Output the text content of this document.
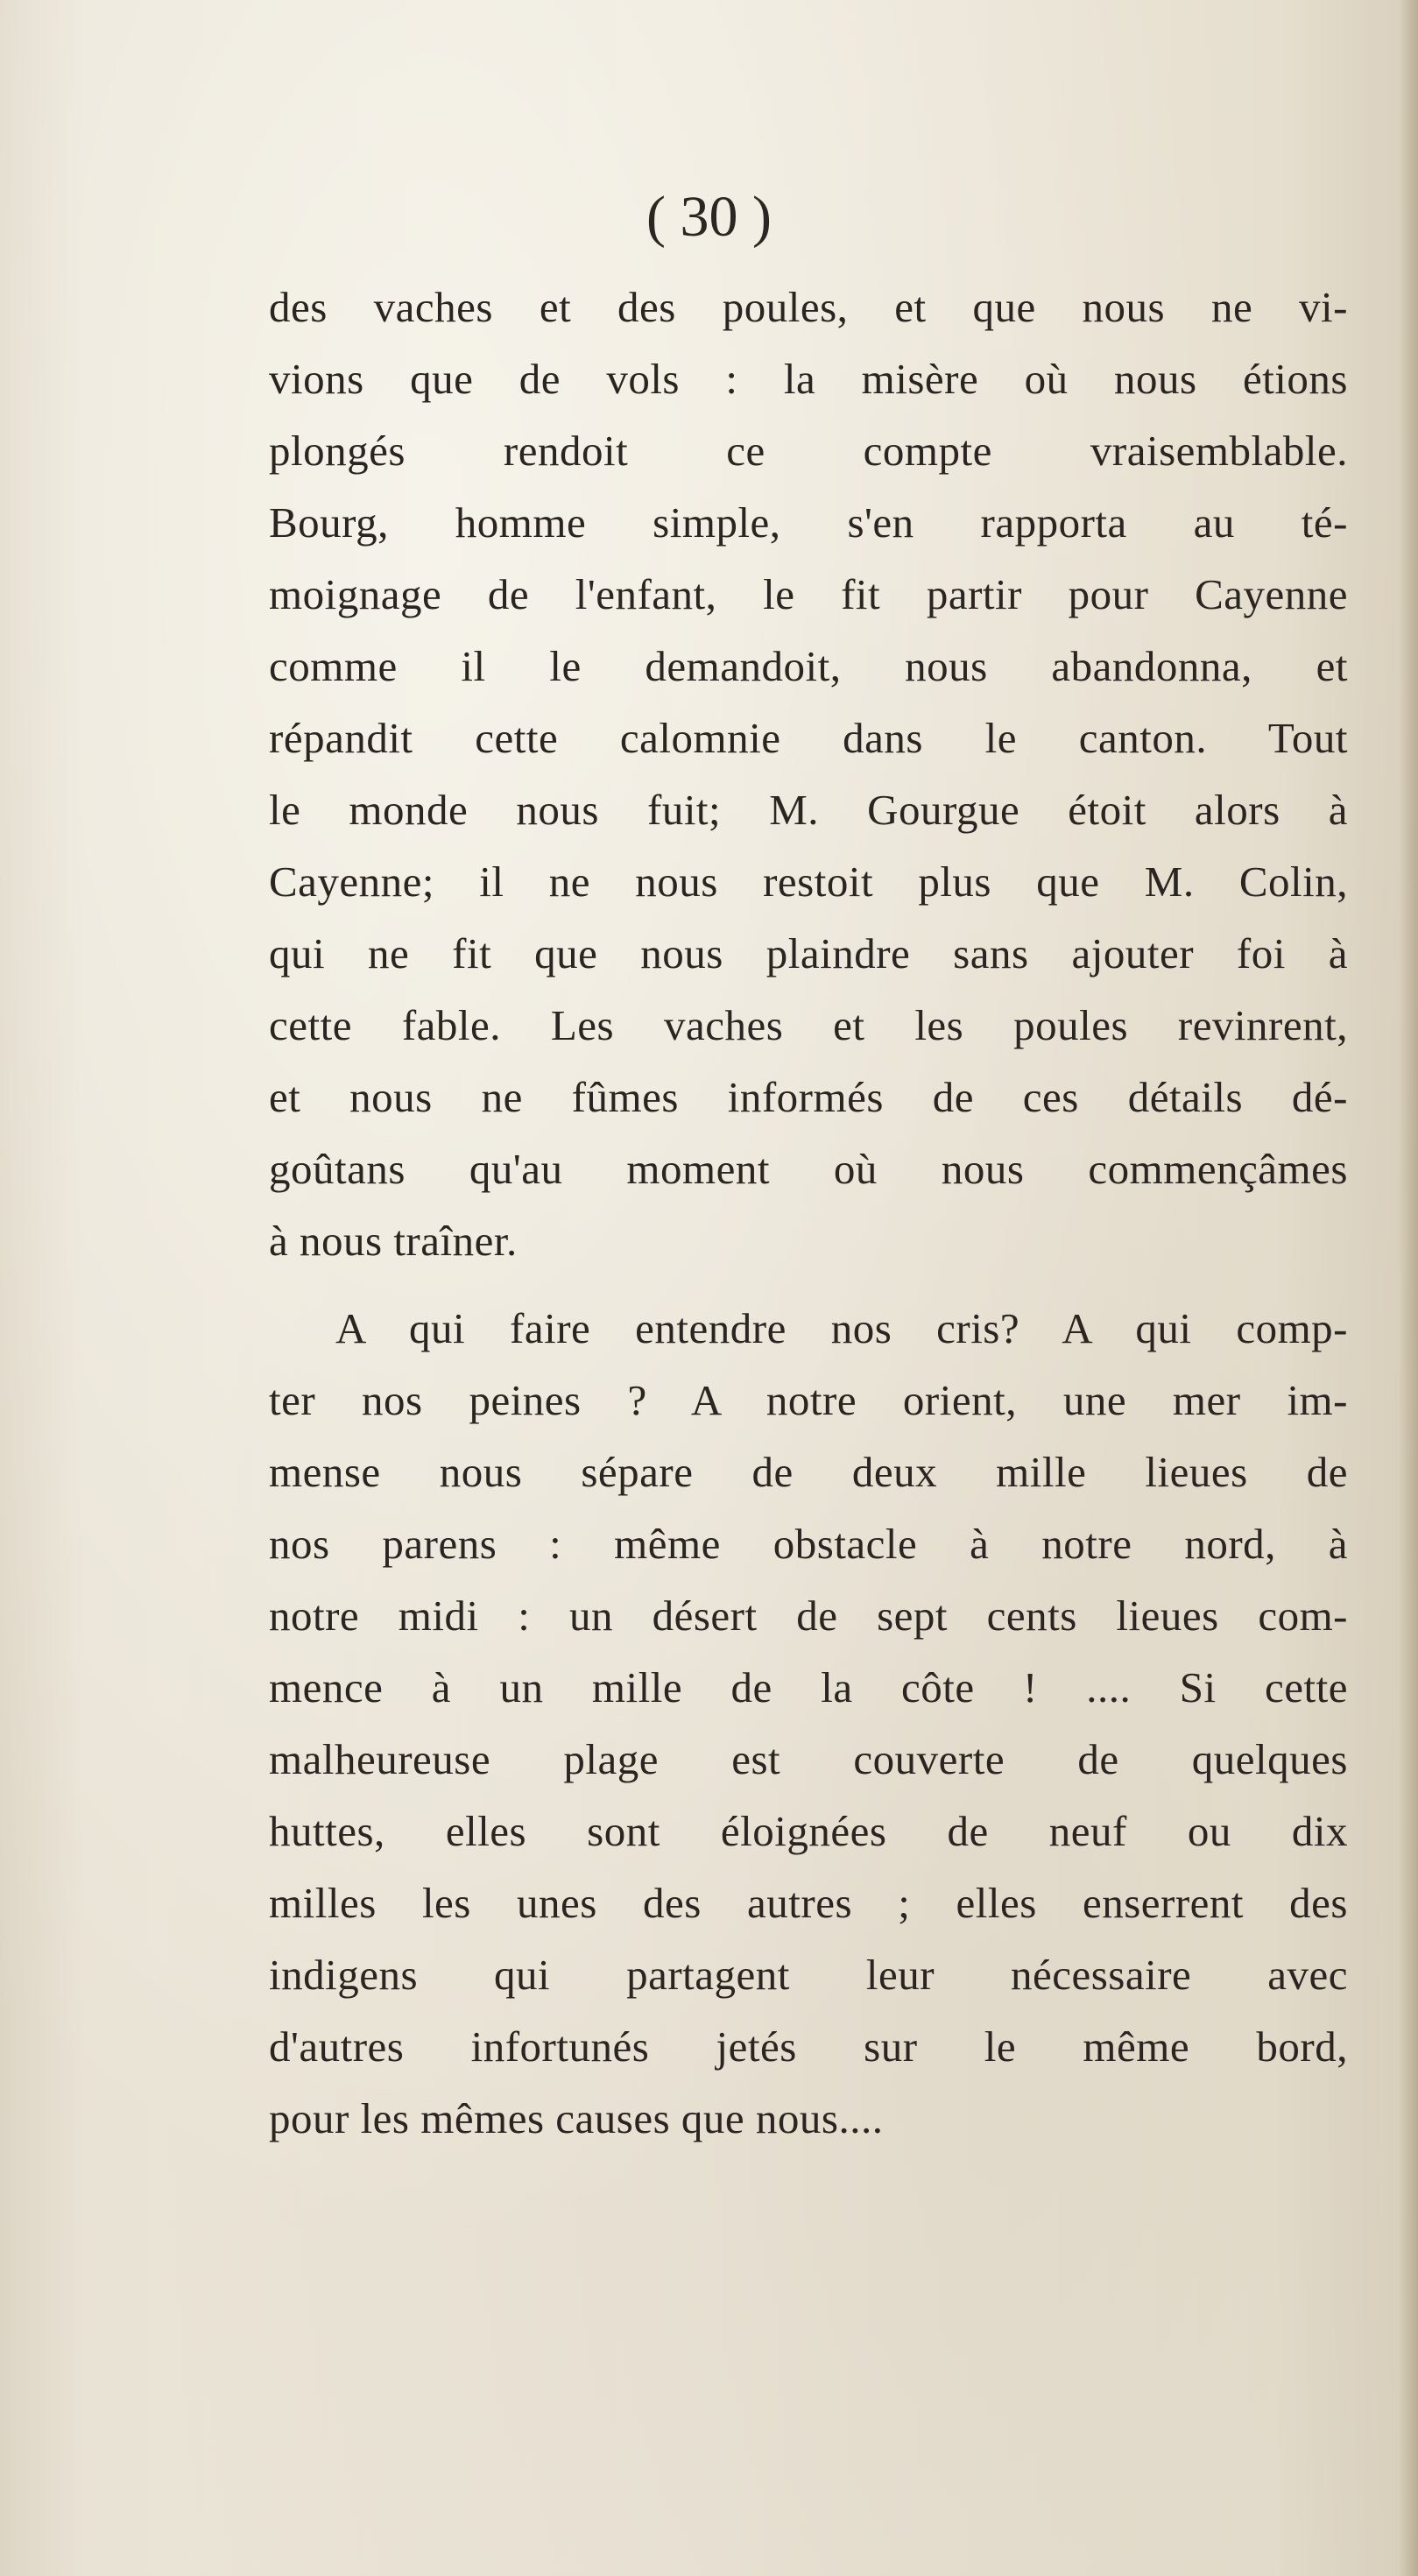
( 30 )
des vaches et des poules, et que nous ne vi-
vions que de vols : la misère où nous étions
plongés rendoit ce compte vraisemblable.
Bourg, homme simple, s'en rapporta au té-
moignage de l'enfant, le fit partir pour Cayenne
comme il le demandoit, nous abandonna, et
répandit cette calomnie dans le canton. Tout
le monde nous fuit; M. Gourgue étoit alors à
Cayenne; il ne nous restoit plus que M. Colin,
qui ne fit que nous plaindre sans ajouter foi à
cette fable. Les vaches et les poules revinrent,
et nous ne fûmes informés de ces détails dé-
goûtans qu'au moment où nous commençâmes
à nous traîner.
A qui faire entendre nos cris? A qui comp-
ter nos peines ? A notre orient, une mer im-
mense nous sépare de deux mille lieues de
nos parens : même obstacle à notre nord, à
notre midi : un désert de sept cents lieues com-
mence à un mille de la côte ! .... Si cette
malheureuse plage est couverte de quelques
huttes, elles sont éloignées de neuf ou dix
milles les unes des autres ; elles enserrent des
indigens qui partagent leur nécessaire avec
d'autres infortunés jetés sur le même bord,
pour les mêmes causes que nous....
